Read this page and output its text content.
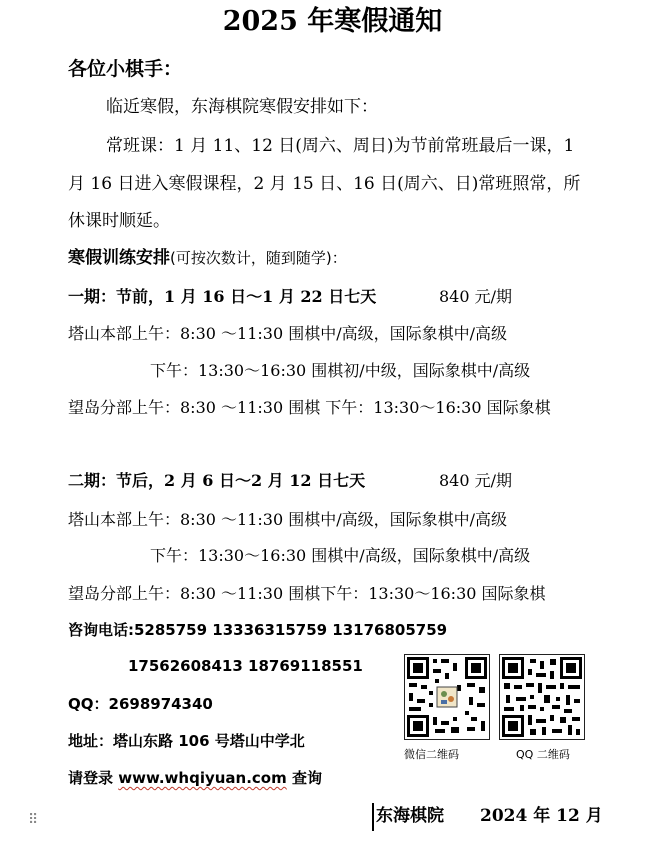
2025 年寒假通知
各位小棋手：
临近寒假，东海棋院寒假安排如下：
常班课：1 月 11、12 日(周六、周日)为节前常班最后一课，1
月 16 日进入寒假课程，2 月 15 日、16 日(周六、日)常班照常，所
休课时顺延。
寒假训练安排(可按次数计，随到随学)：
一期：节前，1 月 16 日～1 月 22 日七天	840 元/期
塔山本部上午：8:30 ～11:30 围棋中/高级，国际象棋中/高级
下午：13:30～16:30 围棋初/中级，国际象棋中/高级
望岛分部上午：8:30 ～11:30 围棋 下午：13:30～16:30 国际象棋
二期：节后，2 月 6 日～2 月 12 日七天	840 元/期
塔山本部上午：8:30 ～11:30 围棋中/高级，国际象棋中/高级
下午：13:30～16:30 围棋中/高级，国际象棋中/高级
望岛分部上午：8:30 ～11:30 围棋下午：13:30～16:30 国际象棋
咨询电话:5285759 13336315759 13176805759
17562608413 18769118551
QQ：2698974340
地址：塔山东路 106 号塔山中学北
请登录 www.whqiyuan.com 查询
微信二维码	QQ 二维码
⠿	东海棋院 2024 年 12 月
